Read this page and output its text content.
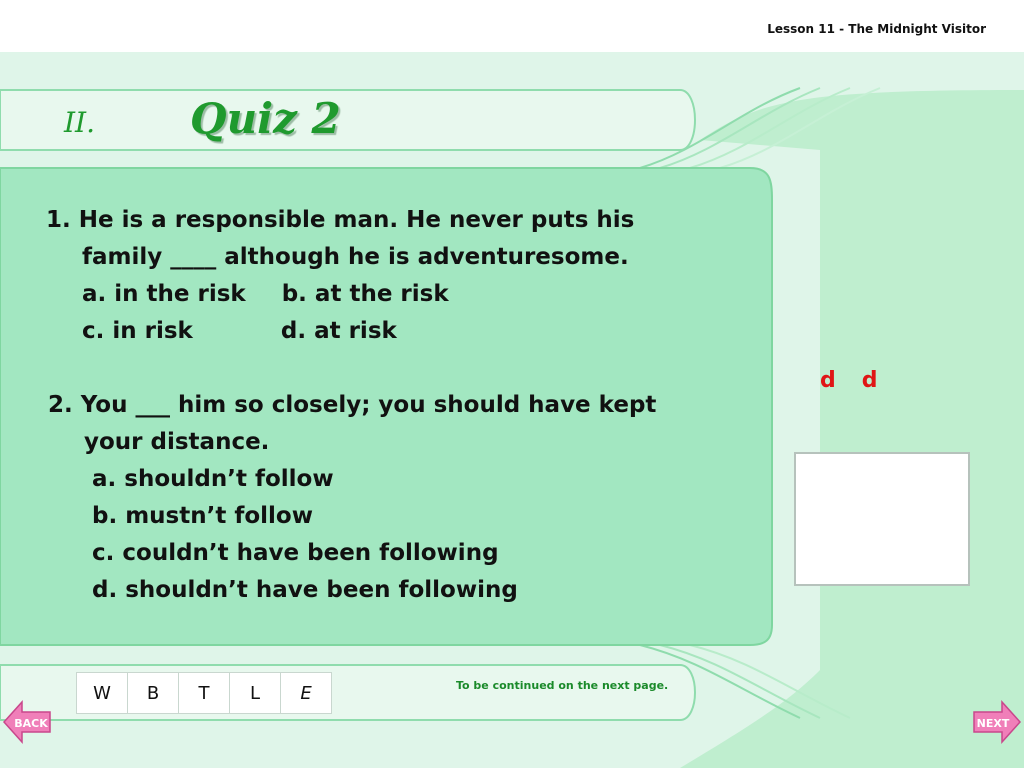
Lesson 11 - The Midnight Visitor
II. Quiz 2
1. He is a responsible man. He never puts his
family ____ although he is adventuresome.
a. in the risk b. at the risk
c. in risk	d. at risk
2. You ___ him so closely; you should have kept
your distance.
a. shouldn’t follow
b. mustn’t follow
c. couldn’t have been following
d. shouldn’t have been following
d d
W	B	T	L	E	To be continued on the next page.
BACK	NEXT
